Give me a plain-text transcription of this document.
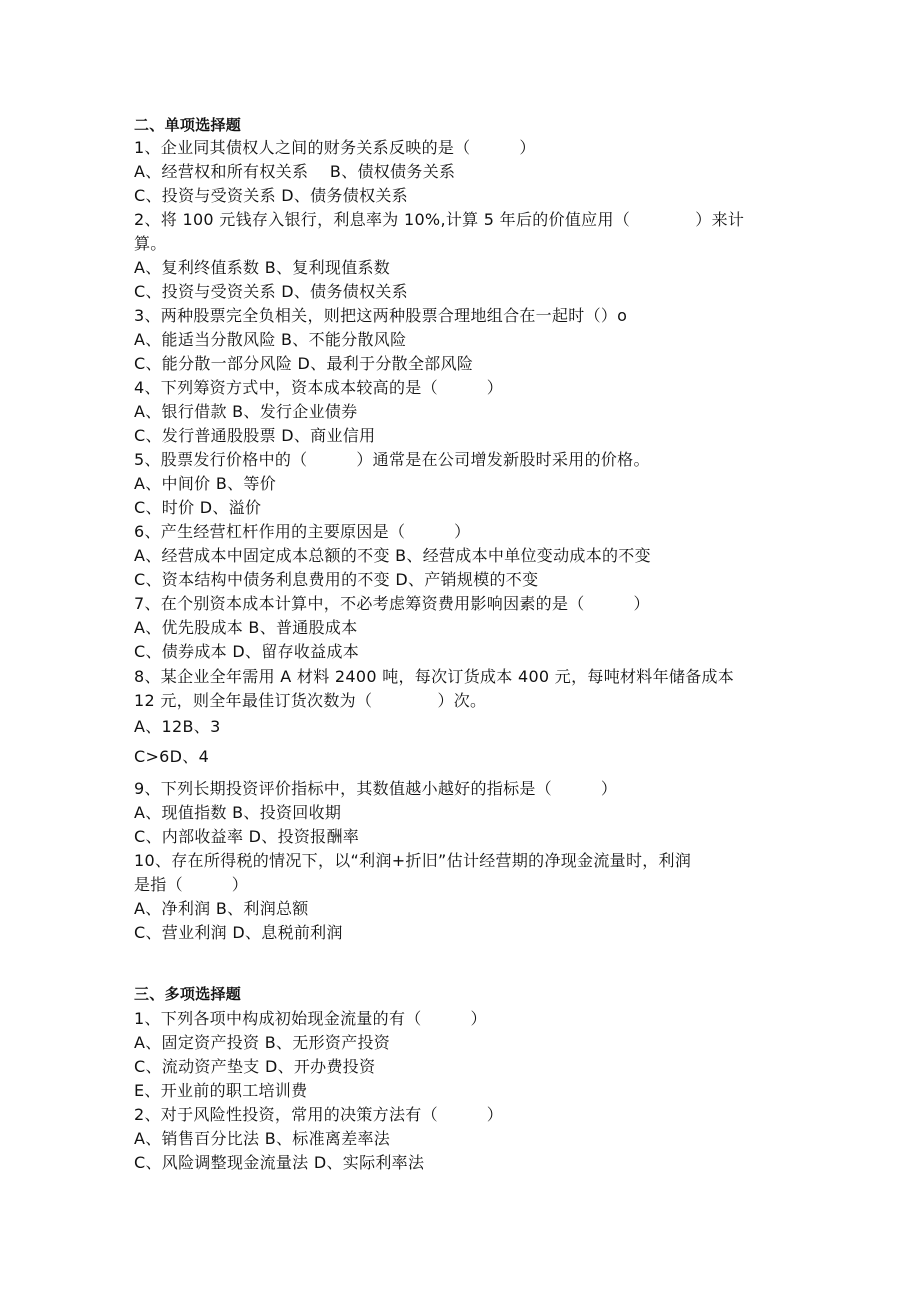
二、单项选择题
1、企业同其债权人之间的财务关系反映的是（　　　）
A、经营权和所有权关系　 B、债权债务关系
C、投资与受资关系 D、债务债权关系
2、将 100 元钱存入银行，利息率为 10%,计算 5 年后的价值应用（　　　　）来计
算。
A、复利终值系数 B、复利现值系数
C、投资与受资关系 D、债务债权关系
3、两种股票完全负相关，则把这两种股票合理地组合在一起时（）o
A、能适当分散风险 B、不能分散风险
C、能分散一部分风险 D、最利于分散全部风险
4、下列筹资方式中，资本成本较高的是（　　　）
A、银行借款 B、发行企业债券
C、发行普通股股票 D、商业信用
5、股票发行价格中的（　　　）通常是在公司增发新股时采用的价格。
A、中间价 B、等价
C、时价 D、溢价
6、产生经营杠杆作用的主要原因是（　　　）
A、经营成本中固定成本总额的不变 B、经营成本中单位变动成本的不变
C、资本结构中债务利息费用的不变 D、产销规模的不变
7、在个别资本成本计算中，不必考虑筹资费用影响因素的是（　　　）
A、优先股成本 B、普通股成本
C、债券成本 D、留存收益成本
8、某企业全年需用 A 材料 2400 吨，每次订货成本 400 元，每吨材料年储备成本
12 元，则全年最佳订货次数为（　　　　）次。
A、12B、3
C>6D、4
9、下列长期投资评价指标中，其数值越小越好的指标是（　　　）
A、现值指数 B、投资回收期
C、内部收益率 D、投资报酬率
10、存在所得税的情况下，以“利润+折旧”估计经营期的净现金流量时，利润
是指（　　　）
A、净利润 B、利润总额
C、营业利润 D、息税前利润
三、多项选择题
1、下列各项中构成初始现金流量的有（　　　）
A、固定资产投资 B、无形资产投资
C、流动资产垫支 D、开办费投资
E、开业前的职工培训费
2、对于风险性投资，常用的决策方法有（　　　）
A、销售百分比法 B、标准离差率法
C、风险调整现金流量法 D、实际利率法
